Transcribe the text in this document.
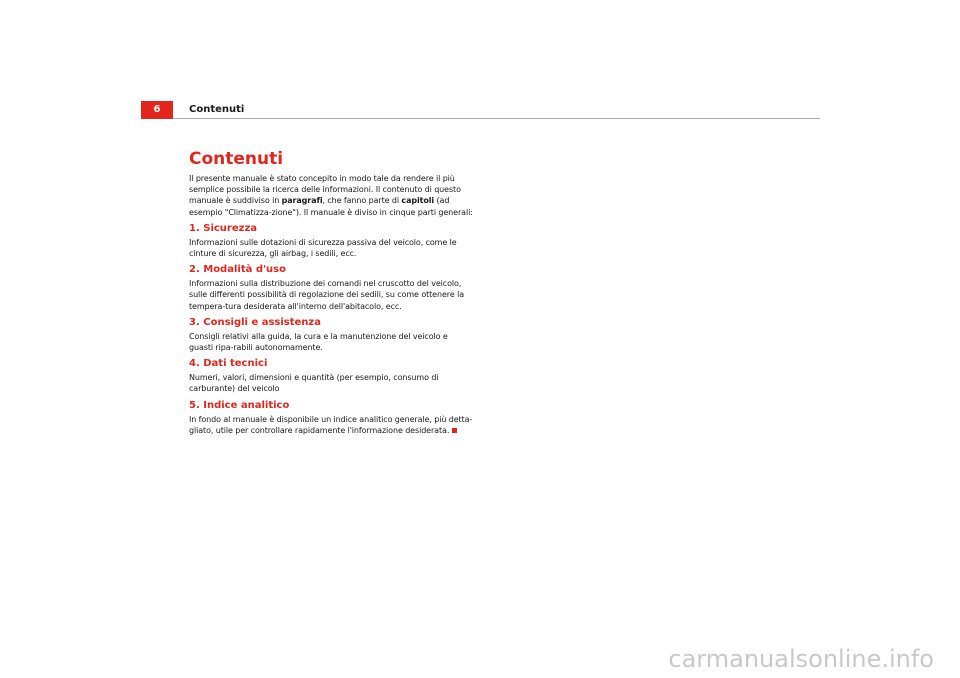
6	Contenuti
Contenuti

Il presente manuale è stato concepito in modo tale da rendere il più semplice possibile la ricerca delle informazioni. Il contenuto di questo manuale è suddiviso in paragrafi, che fanno parte di capitoli (ad esempio "Climatizza-zione"). Il manuale è diviso in cinque parti generali:

1. Sicurezza

Informazioni sulle dotazioni di sicurezza passiva del veicolo, come le cinture di sicurezza, gli airbag, i sedili, ecc.

2. Modalità d'uso

Informazioni sulla distribuzione dei comandi nel cruscotto del veicolo, sulle differenti possibilità di regolazione dei sedili, su come ottenere la tempera-tura desiderata all'interno dell'abitacolo, ecc.

3. Consigli e assistenza

Consigli relativi alla guida, la cura e la manutenzione del veicolo e guasti ripa-rabili autonomamente.

4. Dati tecnici

Numeri, valori, dimensioni e quantità (per esempio, consumo di carburante) del veicolo

5. Indice analitico

In fondo al manuale è disponibile un indice analitico generale, più detta-gliato, utile per controllare rapidamente l'informazione desiderata.

carmanualsonline.info
